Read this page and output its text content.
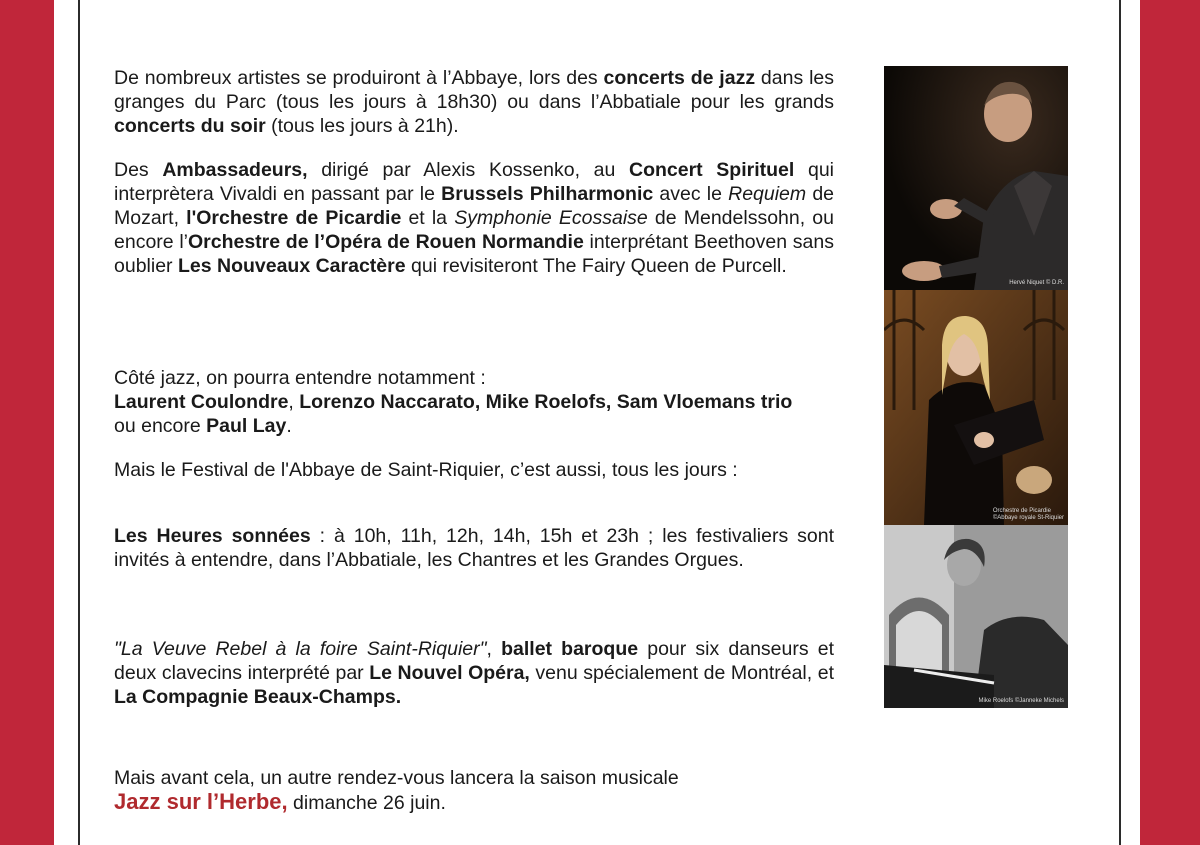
De nombreux artistes se produiront à l’Abbaye, lors des concerts de jazz dans les granges du Parc (tous les jours à 18h30) ou dans l’Abbatiale pour les grands concerts du soir (tous les jours à 21h).

Des Ambassadeurs, dirigé par Alexis Kossenko, au Concert Spirituel qui interprètera Vivaldi en passant par le Brussels Philharmonic avec le Requiem de Mozart, l'Orchestre de Picardie et la Symphonie Ecossaise de Mendelssohn, ou encore l’Orchestre de l’Opéra de Rouen Normandie interprétant Beethoven sans oublier Les Nouveaux Caractère qui revisiteront The Fairy Queen de Purcell.

Côté jazz, on pourra entendre notamment :

Laurent Coulondre, Lorenzo Naccarato, Mike Roelofs, Sam Vloemans trio

ou encore Paul Lay.

Mais le Festival de l'Abbaye de Saint-Riquier, c’est aussi, tous les jours :

Les Heures sonnées : à 10h, 11h, 12h, 14h, 15h et 23h ; les festivaliers sont invités à entendre, dans l’Abbatiale, les Chantres et les Grandes Orgues.

"La Veuve Rebel à la foire Saint-Riquier", ballet baroque pour six danseurs et deux clavecins interprété par Le Nouvel Opéra, venu spécialement de Montréal, et La Compagnie Beaux-Champs.

Mais avant cela, un autre rendez-vous lancera la saison musicale

Jazz sur l’Herbe, dimanche 26 juin.

Hervé Niquet © D.R.
Orchestre de Picardie
©Abbaye royale St-Riquier
Mike Roelofs ©Janneke Michels
